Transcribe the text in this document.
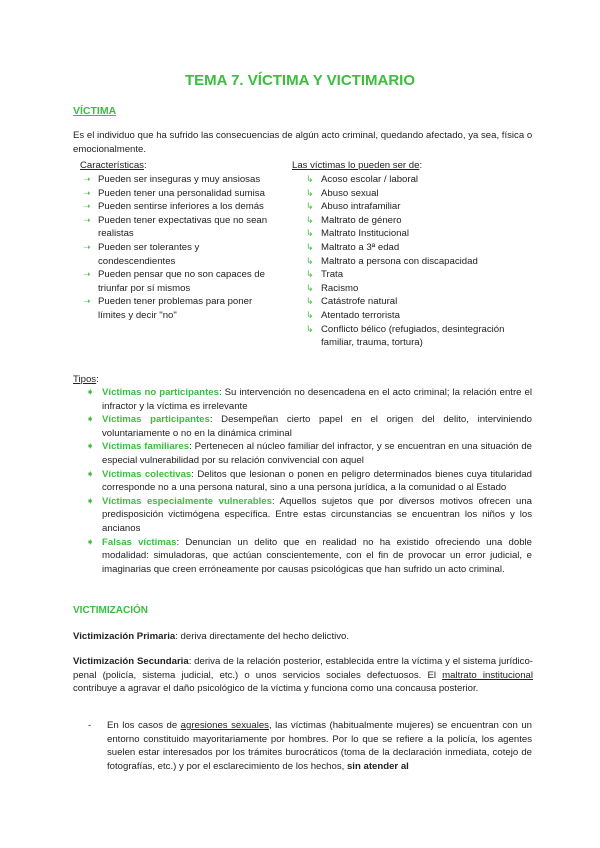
TEMA 7. VÍCTIMA Y VICTIMARIO
VÍCTIMA

Es el individuo que ha sufrido las consecuencias de algún acto criminal, quedando afectado, ya sea, física o emocionalmente.

Características:

➝ Pueden ser inseguras y muy ansiosas
➝ Pueden tener una personalidad sumisa
➝ Pueden sentirse inferiores a los demás
➝ Pueden tener expectativas que no sean realistas
➝ Pueden ser tolerantes y condescendientes
➝ Pueden pensar que no son capaces de triunfar por sí mismos
➝ Pueden tener problemas para poner límites y decir "no"

Las víctimas lo pueden ser de:

↳ Acoso escolar / laboral
↳ Abuso sexual
↳ Abuso intrafamiliar
↳ Maltrato de género
↳ Maltrato Institucional
↳ Maltrato a 3ª edad
↳ Maltrato a persona con discapacidad
↳ Trata
↳ Racismo
↳ Catástrofe natural
↳ Atentado terrorista
↳ Conflicto bélico (refugiados, desintegración familiar, trauma, tortura)

Tipos:

➧ Víctimas no participantes: Su intervención no desencadena en el acto criminal; la relación entre el infractor y la víctima es irrelevante
➧ Víctimas participantes: Desempeñan cierto papel en el origen del delito, interviniendo voluntariamente o no en la dinámica criminal
➧ Víctimas familiares: Pertenecen al núcleo familiar del infractor, y se encuentran en una situación de especial vulnerabilidad por su relación convivencial con aquel
➧ Víctimas colectivas: Delitos que lesionan o ponen en peligro determinados bienes cuya titularidad corresponde no a una persona natural, sino a una persona jurídica, a la comunidad o al Estado
➧ Víctimas especialmente vulnerables: Aquellos sujetos que por diversos motivos ofrecen una predisposición victimógena específica. Entre estas circunstancias se encuentran los niños y los ancianos
➧ Falsas víctimas: Denuncian un delito que en realidad no ha existido ofreciendo una doble modalidad: simuladoras, que actúan conscientemente, con el fin de provocar un error judicial, e imaginarias que creen erróneamente por causas psicológicas que han sufrido un acto criminal.
VICTIMIZACIÓN

Victimización Primaria: deriva directamente del hecho delictivo.

Victimización Secundaria: deriva de la relación posterior, establecida entre la víctima y el sistema jurídico-penal (policía, sistema judicial, etc.) o unos servicios sociales defectuosos. El maltrato institucional contribuye a agravar el daño psicológico de la víctima y funciona como una concausa posterior.

- En los casos de agresiones sexuales, las víctimas (habitualmente mujeres) se encuentran con un entorno constituido mayoritariamente por hombres. Por lo que se refiere a la policía, los agentes suelen estar interesados por los trámites burocráticos (toma de la declaración inmediata, cotejo de fotografías, etc.) y por el esclarecimiento de los hechos, sin atender al
